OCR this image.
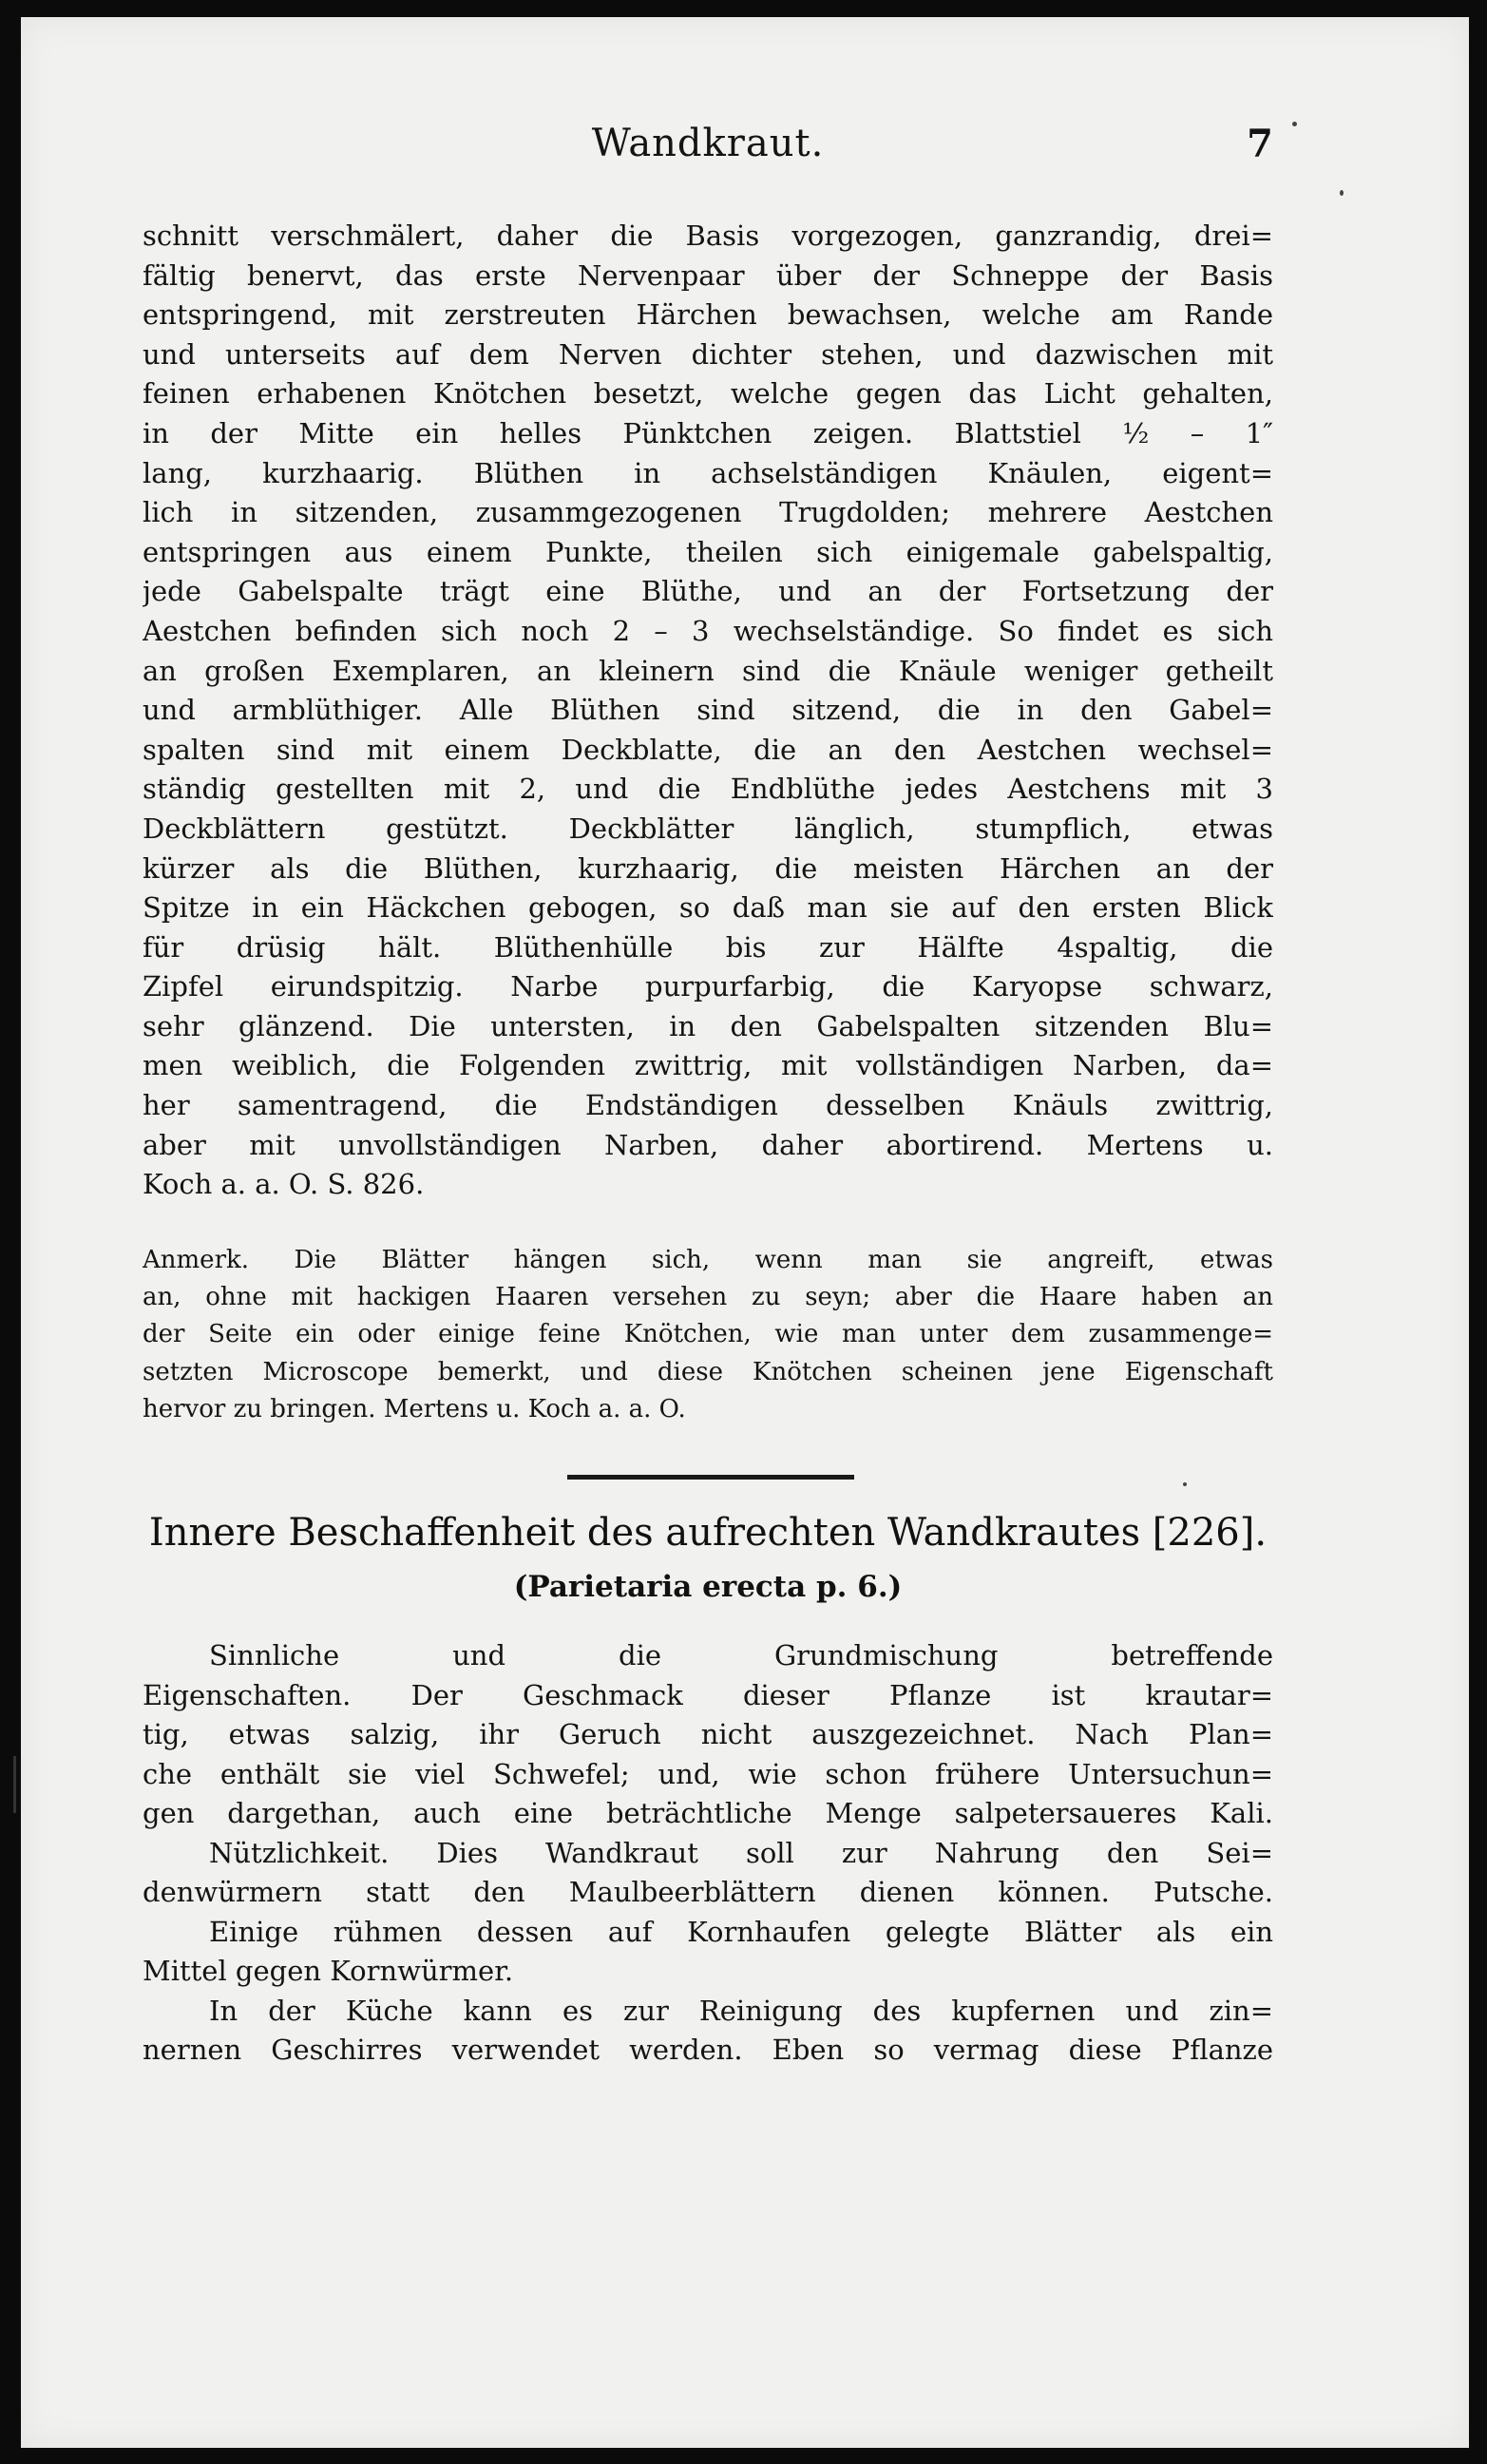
Wandkraut.	7
schnitt verschmälert, daher die Basis vorgezogen, ganzrandig, drei=
fältig benervt, das erste Nervenpaar über der Schneppe der Basis
entspringend, mit zerstreuten Härchen bewachsen, welche am Rande
und unterseits auf dem Nerven dichter stehen, und dazwischen mit
feinen erhabenen Knötchen besetzt, welche gegen das Licht gehalten,
in der Mitte ein helles Pünktchen zeigen. Blattstiel ½ – 1″
lang, kurzhaarig. Blüthen in achselständigen Knäulen, eigent=
lich in sitzenden, zusammgezogenen Trugdolden; mehrere Aestchen
entspringen aus einem Punkte, theilen sich einigemale gabelspaltig,
jede Gabelspalte trägt eine Blüthe, und an der Fortsetzung der
Aestchen befinden sich noch 2 – 3 wechselständige. So findet es sich
an großen Exemplaren, an kleinern sind die Knäule weniger getheilt
und armblüthiger. Alle Blüthen sind sitzend, die in den Gabel=
spalten sind mit einem Deckblatte, die an den Aestchen wechsel=
ständig gestellten mit 2, und die Endblüthe jedes Aestchens mit 3
Deckblättern gestützt. Deckblätter länglich, stumpflich, etwas
kürzer als die Blüthen, kurzhaarig, die meisten Härchen an der
Spitze in ein Häckchen gebogen, so daß man sie auf den ersten Blick
für drüsig hält. Blüthenhülle bis zur Hälfte 4spaltig, die
Zipfel eirundspitzig. Narbe purpurfarbig, die Karyopse schwarz,
sehr glänzend. Die untersten, in den Gabelspalten sitzenden Blu=
men weiblich, die Folgenden zwittrig, mit vollständigen Narben, da=
her samentragend, die Endständigen desselben Knäuls zwittrig,
aber mit unvollständigen Narben, daher abortirend. Mertens u.
Koch a. a. O. S. 826.
Anmerk. Die Blätter hängen sich, wenn man sie angreift, etwas
an, ohne mit hackigen Haaren versehen zu seyn; aber die Haare haben an
der Seite ein oder einige feine Knötchen, wie man unter dem zusammenge=
setzten Microscope bemerkt, und diese Knötchen scheinen jene Eigenschaft
hervor zu bringen. Mertens u. Koch a. a. O.
Innere Beschaffenheit des aufrechten Wandkrautes [226].
(Parietaria erecta p. 6.)
Sinnliche und die Grundmischung betreffende
Eigenschaften. Der Geschmack dieser Pflanze ist krautar=
tig, etwas salzig, ihr Geruch nicht auszgezeichnet. Nach Plan=
che enthält sie viel Schwefel; und, wie schon frühere Untersuchun=
gen dargethan, auch eine beträchtliche Menge salpetersaueres Kali.
Nützlichkeit. Dies Wandkraut soll zur Nahrung den Sei=
denwürmern statt den Maulbeerblättern dienen können. Putsche.
Einige rühmen dessen auf Kornhaufen gelegte Blätter als ein
Mittel gegen Kornwürmer.
In der Küche kann es zur Reinigung des kupfernen und zin=
nernen Geschirres verwendet werden. Eben so vermag diese Pflanze
